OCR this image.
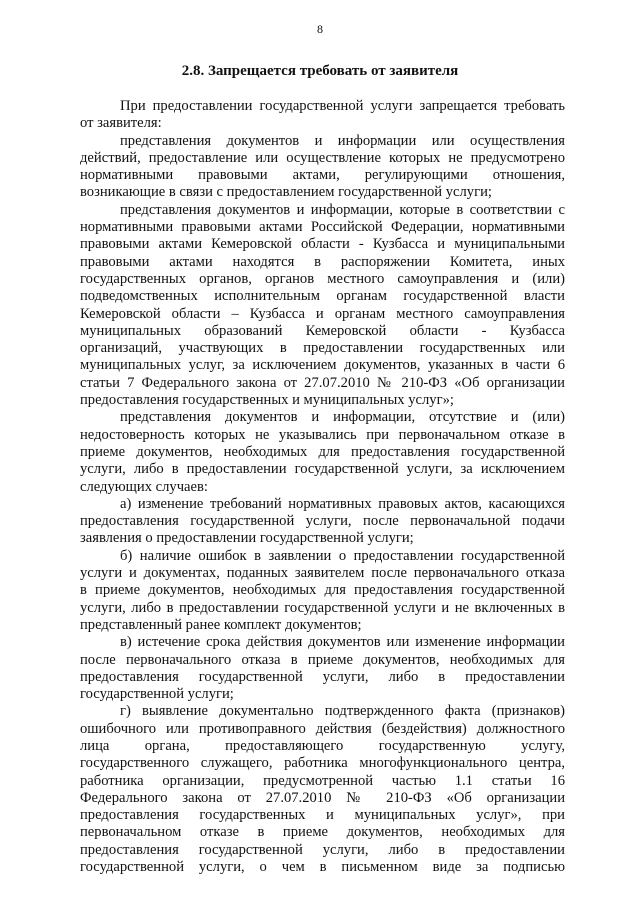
8
2.8. Запрещается требовать от заявителя

При предоставлении государственной услуги запрещается требовать
от заявителя:

представления документов и информации или осуществления
действий, предоставление или осуществление которых не предусмотрено
нормативными правовыми актами, регулирующими отношения,
возникающие в связи с предоставлением государственной услуги;

представления документов и информации, которые в соответствии с
нормативными правовыми актами Российской Федерации, нормативными
правовыми актами Кемеровской области - Кузбасса и муниципальными
правовыми актами находятся в распоряжении Комитета, иных
государственных органов, органов местного самоуправления и (или)
подведомственных исполнительным органам государственной власти
Кемеровской области – Кузбасса и органам местного самоуправления
муниципальных образований Кемеровской области - Кузбасса
организаций, участвующих в предоставлении государственных или
муниципальных услуг, за исключением документов, указанных в части 6
статьи 7 Федерального закона от 27.07.2010 № 210-ФЗ «Об организации
предоставления государственных и муниципальных услуг»;

представления документов и информации, отсутствие и (или)
недостоверность которых не указывались при первоначальном отказе в
приеме документов, необходимых для предоставления государственной
услуги, либо в предоставлении государственной услуги, за исключением
следующих случаев:

а) изменение требований нормативных правовых актов, касающихся
предоставления государственной услуги, после первоначальной подачи
заявления о предоставлении государственной услуги;

б) наличие ошибок в заявлении о предоставлении государственной
услуги и документах, поданных заявителем после первоначального отказа
в приеме документов, необходимых для предоставления государственной
услуги, либо в предоставлении государственной услуги и не включенных в
представленный ранее комплект документов;

в) истечение срока действия документов или изменение информации
после первоначального отказа в приеме документов, необходимых для
предоставления государственной услуги, либо в предоставлении
государственной услуги;

г) выявление документально подтвержденного факта (признаков)
ошибочного или противоправного действия (бездействия) должностного
лица органа, предоставляющего государственную услугу,
государственного служащего, работника многофункционального центра,
работника организации, предусмотренной частью 1.1 статьи 16
Федерального закона от 27.07.2010 № 210-ФЗ «Об организации
предоставления государственных и муниципальных услуг», при
первоначальном отказе в приеме документов, необходимых для
предоставления государственной услуги, либо в предоставлении
государственной услуги, о чем в письменном виде за подписью
